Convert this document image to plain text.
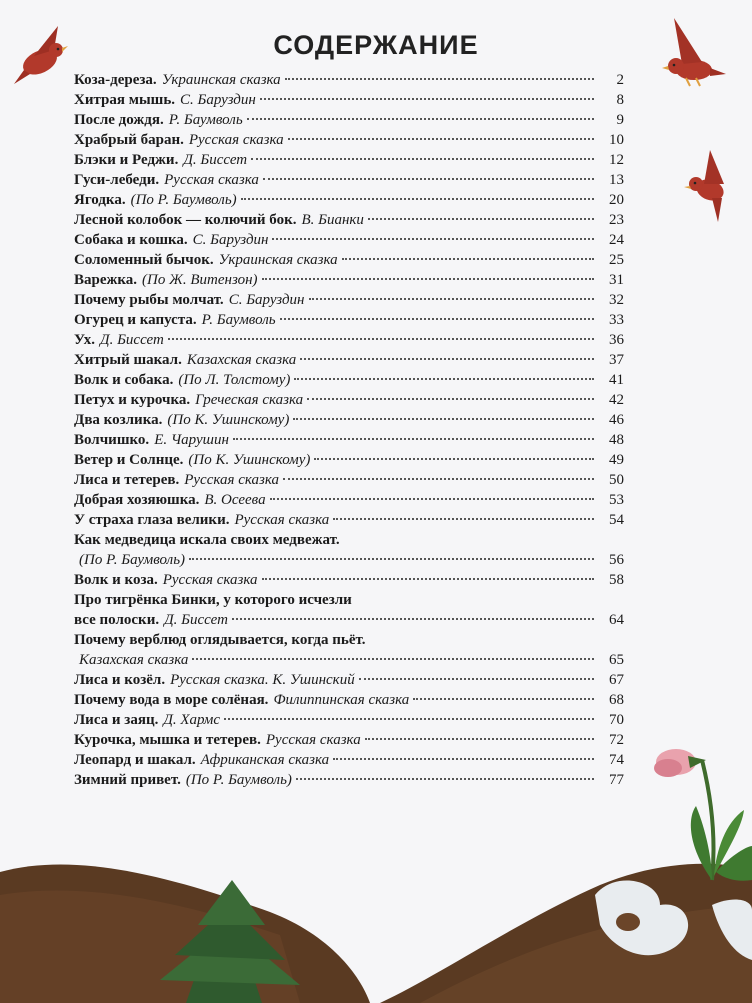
СОДЕРЖАНИЕ
Коза-дереза. Украинская сказка	2
Хитрая мышь. С. Баруздин	8
После дождя. Р. Баумволь	9
Храбрый баран. Русская сказка	10
Блэки и Реджи. Д. Биссет	12
Гуси-лебеди. Русская сказка	13
Ягодка. (По Р. Баумволь)	20
Лесной колобок — колючий бок. В. Бианки	23
Собака и кошка. С. Баруздин	24
Соломенный бычок. Украинская сказка	25
Варежка. (По Ж. Витензон)	31
Почему рыбы молчат. С. Баруздин	32
Огурец и капуста. Р. Баумволь	33
Ух. Д. Биссет	36
Хитрый шакал. Казахская сказка	37
Волк и собака. (По Л. Толстому)	41
Петух и курочка. Греческая сказка	42
Два козлика. (По К. Ушинскому)	46
Волчишко. Е. Чарушин	48
Ветер и Солнце. (По К. Ушинскому)	49
Лиса и тетерев. Русская сказка	50
Добрая хозяюшка. В. Осеева	53
У страха глаза велики. Русская сказка	54
Как медведица искала своих медвежат.
(По Р. Баумволь)	56
Волк и коза. Русская сказка	58
Про тигрёнка Бинки, у которого исчезли
все полоски. Д. Биссет	64
Почему верблюд оглядывается, когда пьёт.
Казахская сказка	65
Лиса и козёл. Русская сказка. К. Ушинский	67
Почему вода в море солёная. Филиппинская сказка	68
Лиса и заяц. Д. Хармс	70
Курочка, мышка и тетерев. Русская сказка	72
Леопард и шакал. Африканская сказка	74
Зимний привет. (По Р. Баумволь)	77
